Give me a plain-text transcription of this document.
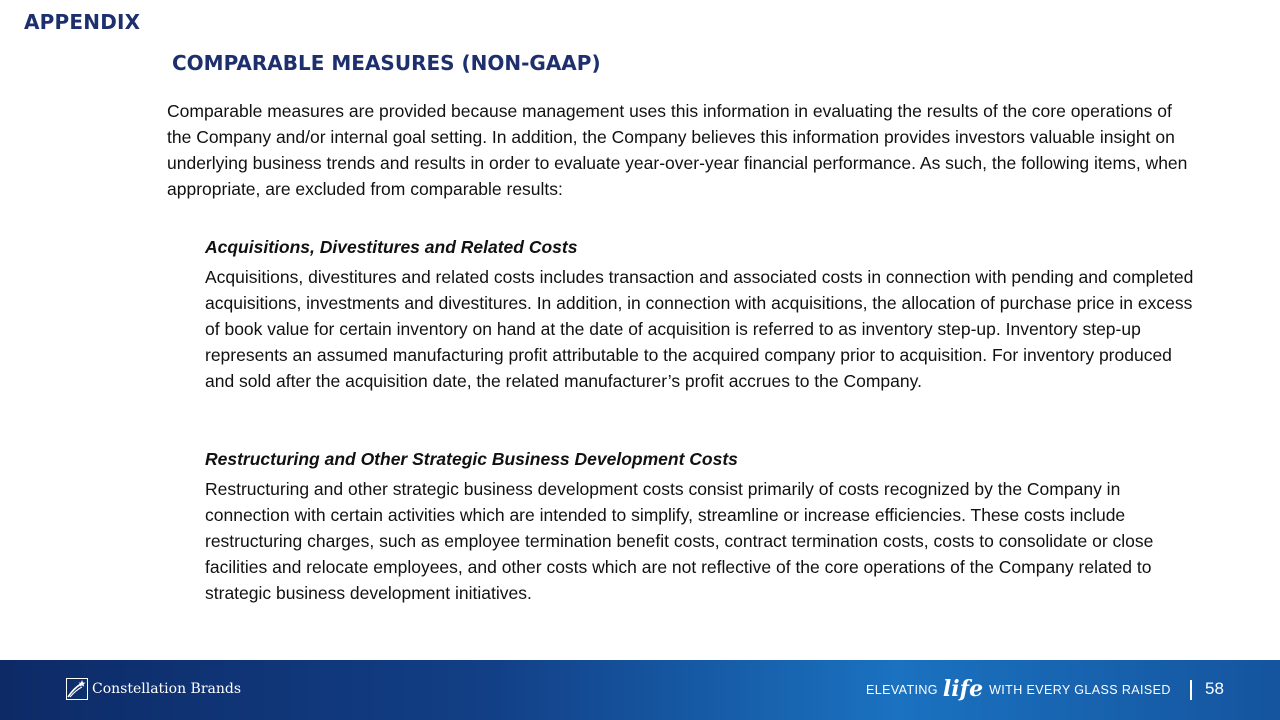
APPENDIX
COMPARABLE MEASURES (NON-GAAP)

Comparable measures are provided because management uses this information in evaluating the results of the core operations of the Company and/or internal goal setting. In addition, the Company believes this information provides investors valuable insight on underlying business trends and results in order to evaluate year-over-year financial performance. As such, the following items, when appropriate, are excluded from comparable results:

Acquisitions, Divestitures and Related Costs

Acquisitions, divestitures and related costs includes transaction and associated costs in connection with pending and completed acquisitions, investments and divestitures. In addition, in connection with acquisitions, the allocation of purchase price in excess of book value for certain inventory on hand at the date of acquisition is referred to as inventory step-up. Inventory step-up represents an assumed manufacturing profit attributable to the acquired company prior to acquisition. For inventory produced and sold after the acquisition date, the related manufacturer’s profit accrues to the Company.

Restructuring and Other Strategic Business Development Costs

Restructuring and other strategic business development costs consist primarily of costs recognized by the Company in connection with certain activities which are intended to simplify, streamline or increase efficiencies. These costs include restructuring charges, such as employee termination benefit costs, contract termination costs, costs to consolidate or close facilities and relocate employees, and other costs which are not reflective of the core operations of the Company related to strategic business development initiatives.

Constellation Brands	ELEVATING life WITH EVERY GLASS RAISED 58
